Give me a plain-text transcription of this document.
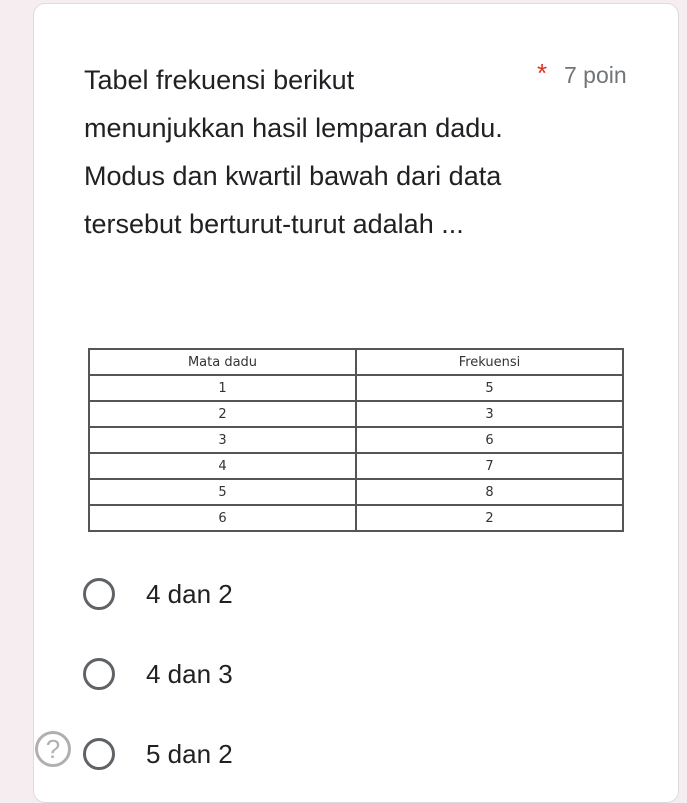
Tabel frekuensi berikut menunjukkan hasil lemparan dadu. Modus dan kwartil bawah dari data tersebut berturut-turut adalah ...
* 7 poin
Mata dadu	Frekuensi
1	5
2	3
3	6
4	7
5	8
6	2
4 dan 2
4 dan 3
5 dan 2
?
